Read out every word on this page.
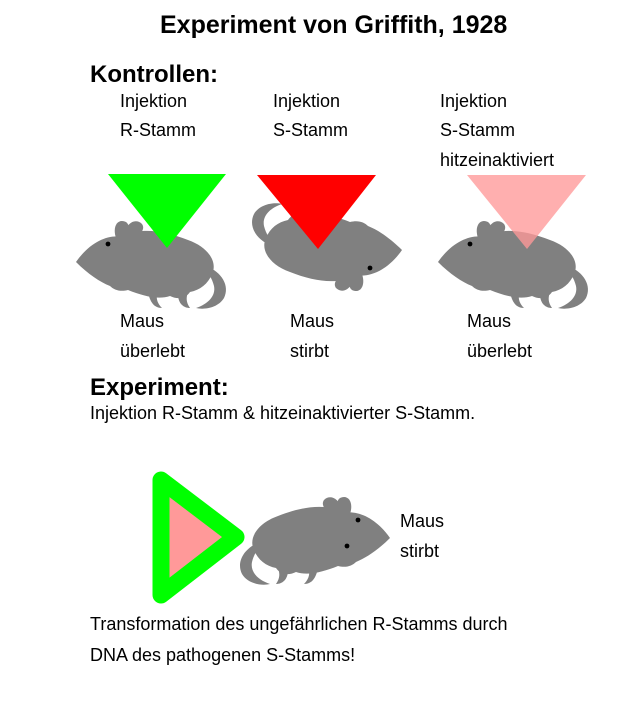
Experiment von Griffith, 1928
Kontrollen:
Injektion
R-Stamm
Injektion
S-Stamm
Injektion
S-Stamm
hitzeinaktiviert
Maus
überlebt
Maus
stirbt
Maus
überlebt
Experiment:
Injektion R-Stamm & hitzeinaktivierter S-Stamm.
Maus
stirbt
Transformation des ungefährlichen R-Stamms durch
DNA des pathogenen S-Stamms!
